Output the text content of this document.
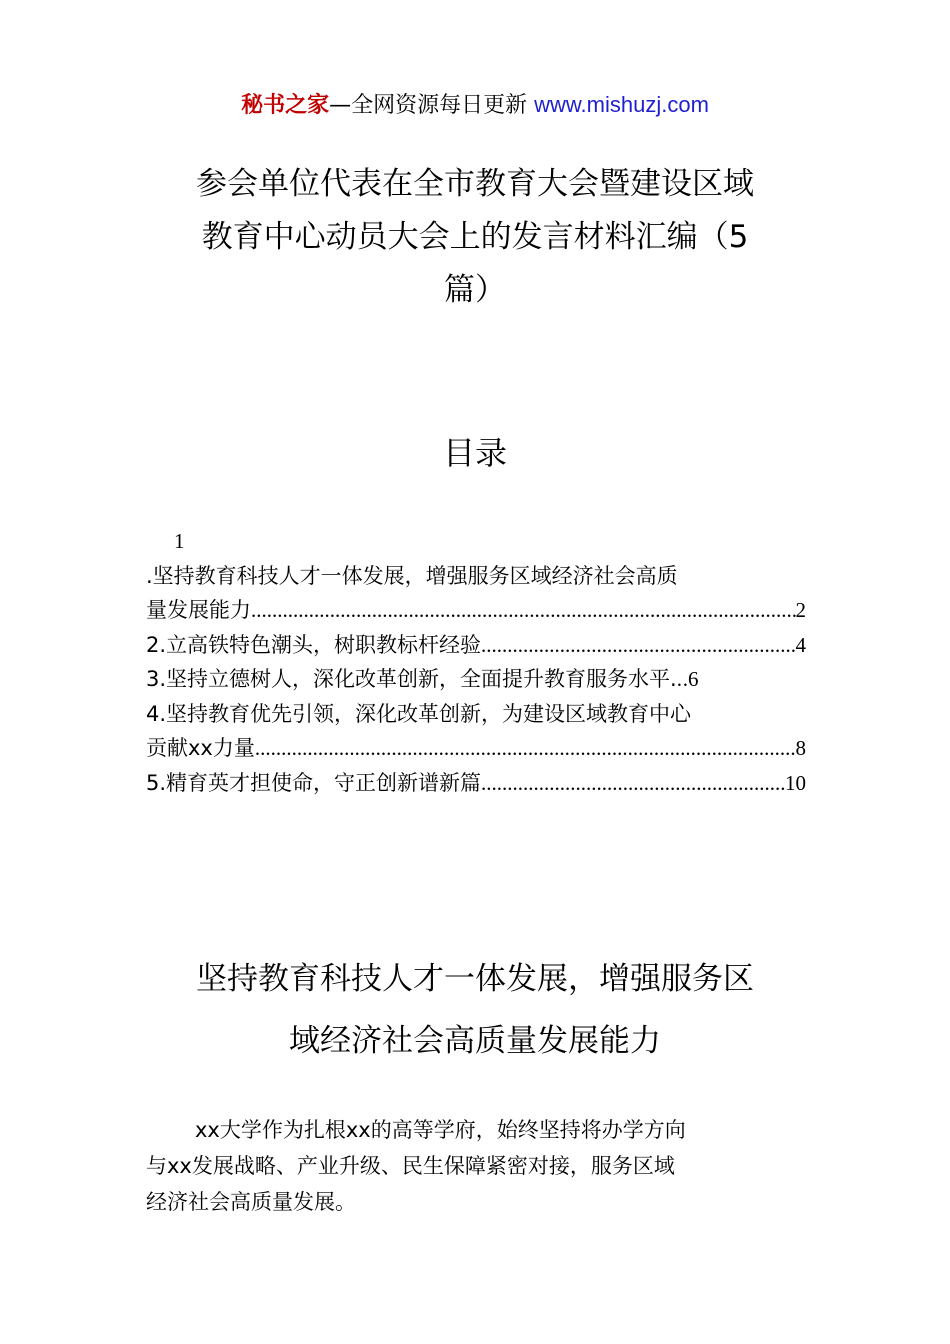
秘书之家—全网资源每日更新 www.mishuzj.com
参会单位代表在全市教育大会暨建设区域
教育中心动员大会上的发言材料汇编（5
篇）
目录
1
.坚持教育科技人才一体发展，增强服务区域经济社会高质
量发展能力 .....	2
2.立高铁特色潮头，树职教标杆经验 .....	4
3.坚持立德树人，深化改革创新，全面提升教育服务水平. ..... .6
4.坚持教育优先引领，深化改革创新，为建设区域教育中心
贡献xx力量 .....	8
5.精育英才担使命，守正创新谱新篇 .....	10
坚持教育科技人才一体发展，增强服务区
域经济社会高质量发展能力
xx大学作为扎根xx的高等学府，始终坚持将办学方向
与xx发展战略、产业升级、民生保障紧密对接，服务区域
经济社会高质量发展。
